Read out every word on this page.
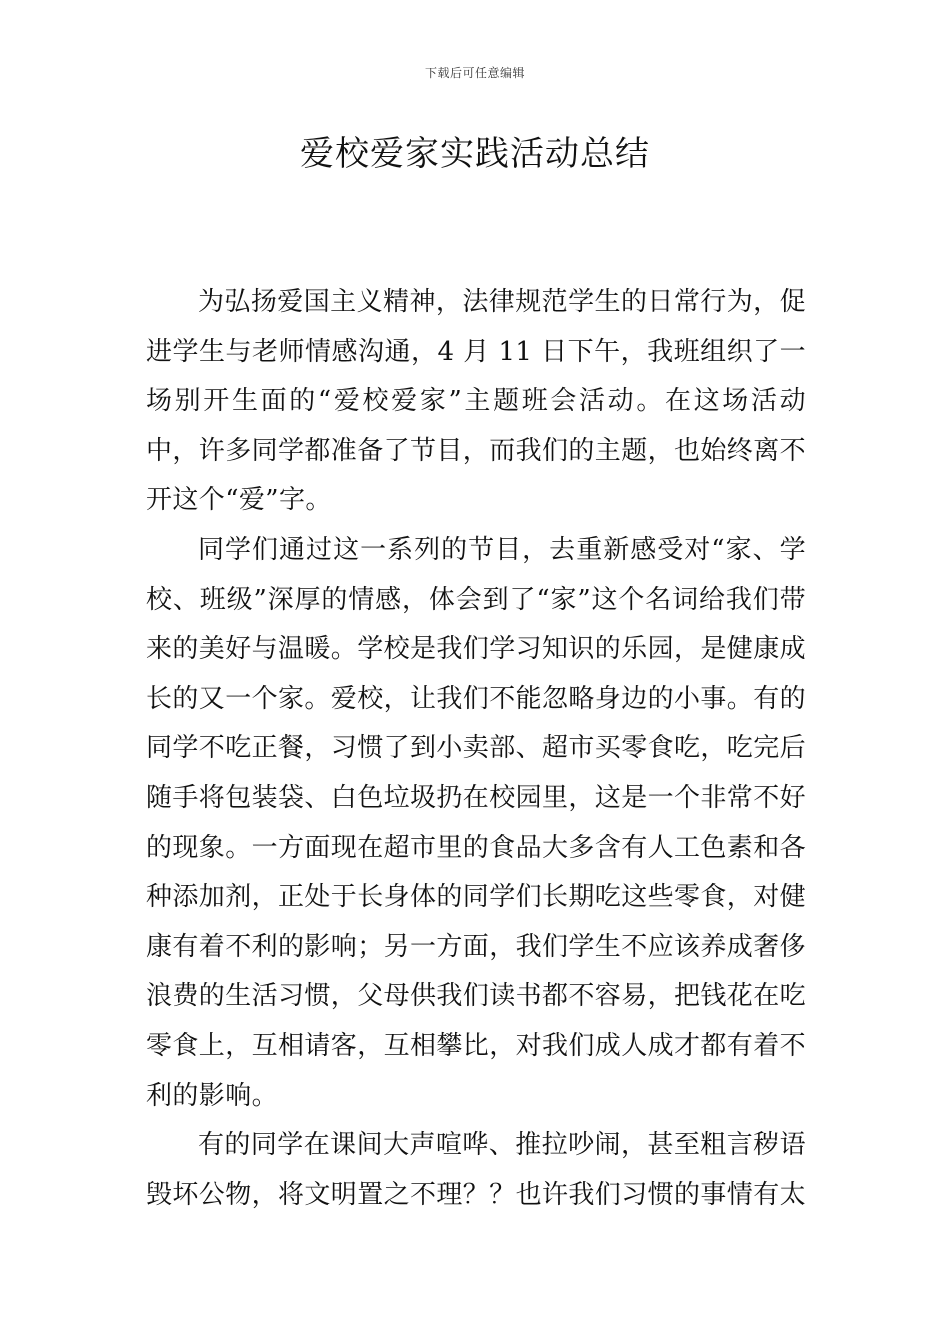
下载后可任意编辑
爱校爱家实践活动总结

为弘扬爱国主义精神，法律规范学生的日常行为，促进学生与老师情感沟通，4 月 11 日下午，我班组织了一场别开生面的“爱校爱家”主题班会活动。在这场活动中，许多同学都准备了节目，而我们的主题，也始终离不开这个“爱”字。

同学们通过这一系列的节目，去重新感受对“家、学校、班级”深厚的情感，体会到了“家”这个名词给我们带来的美好与温暖。学校是我们学习知识的乐园，是健康成长的又一个家。爱校，让我们不能忽略身边的小事。有的同学不吃正餐，习惯了到小卖部、超市买零食吃，吃完后随手将包装袋、白色垃圾扔在校园里，这是一个非常不好的现象。一方面现在超市里的食品大多含有人工色素和各种添加剂，正处于长身体的同学们长期吃这些零食，对健康有着不利的影响；另一方面，我们学生不应该养成奢侈浪费的生活习惯，父母供我们读书都不容易，把钱花在吃零食上，互相请客，互相攀比，对我们成人成才都有着不利的影响。

有的同学在课间大声喧哗、推拉吵闹，甚至粗言秽语毁坏公物，将文明置之不理？？也许我们习惯的事情有太
